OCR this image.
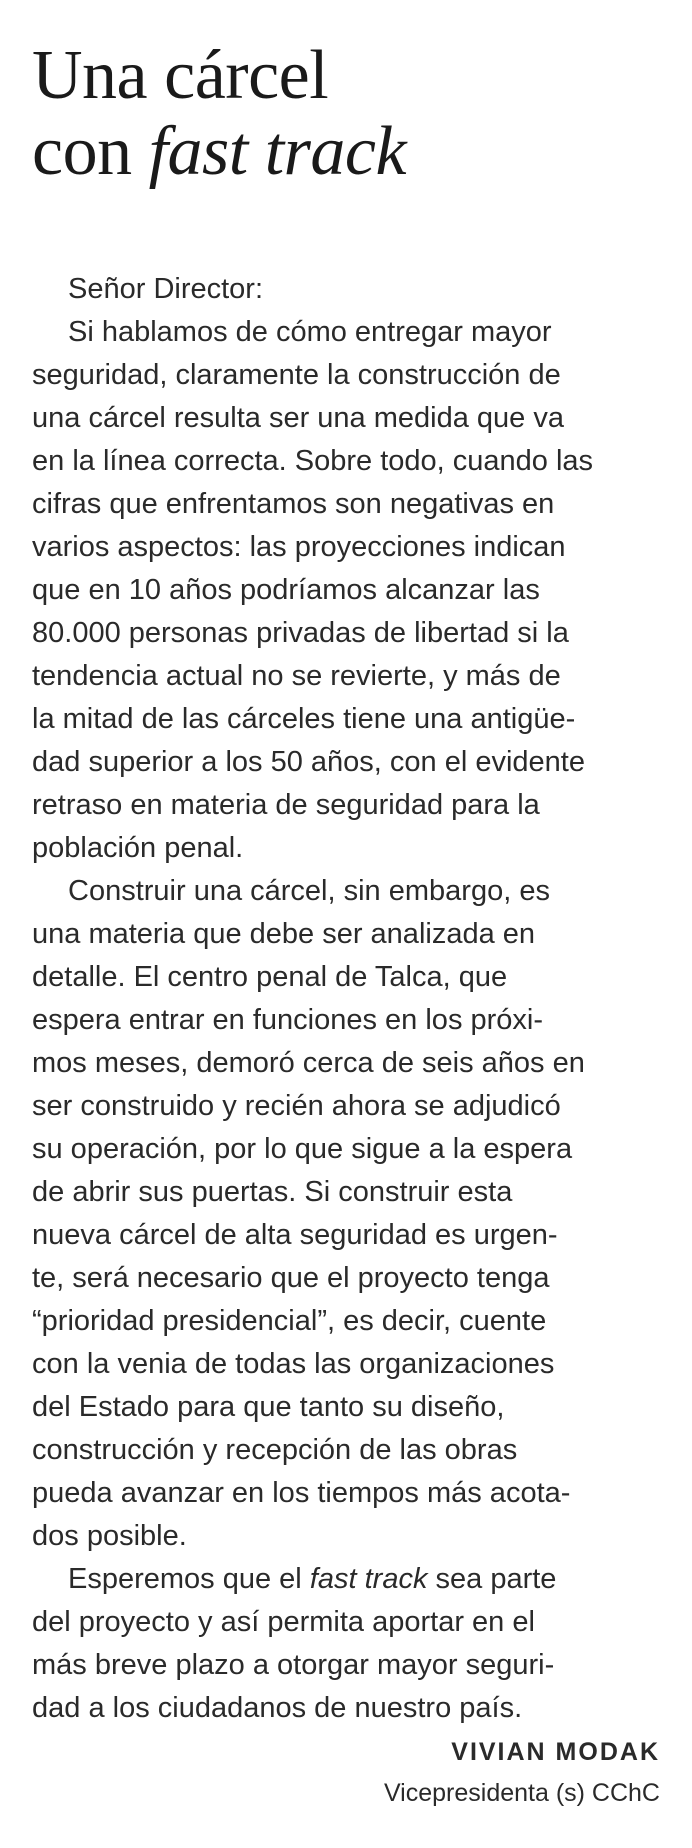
Una cárcel
con fast track

Señor Director:

Si hablamos de cómo entregar mayor

seguridad, claramente la construcción de

una cárcel resulta ser una medida que va

en la línea correcta. Sobre todo, cuando las

cifras que enfrentamos son negativas en

varios aspectos: las proyecciones indican

que en 10 años podríamos alcanzar las

80.000 personas privadas de libertad si la

tendencia actual no se revierte, y más de

la mitad de las cárceles tiene una antigüe-

dad superior a los 50 años, con el evidente

retraso en materia de seguridad para la

población penal.

Construir una cárcel, sin embargo, es

una materia que debe ser analizada en

detalle. El centro penal de Talca, que

espera entrar en funciones en los próxi-

mos meses, demoró cerca de seis años en

ser construido y recién ahora se adjudicó

su operación, por lo que sigue a la espera

de abrir sus puertas. Si construir esta

nueva cárcel de alta seguridad es urgen-

te, será necesario que el proyecto tenga

“prioridad presidencial”, es decir, cuente

con la venia de todas las organizaciones

del Estado para que tanto su diseño,

construcción y recepción de las obras

pueda avanzar en los tiempos más acota-

dos posible.

Esperemos que el fast track sea parte

del proyecto y así permita aportar en el

más breve plazo a otorgar mayor seguri-

dad a los ciudadanos de nuestro país.

VIVIAN MODAK
Vicepresidenta (s) CChC
